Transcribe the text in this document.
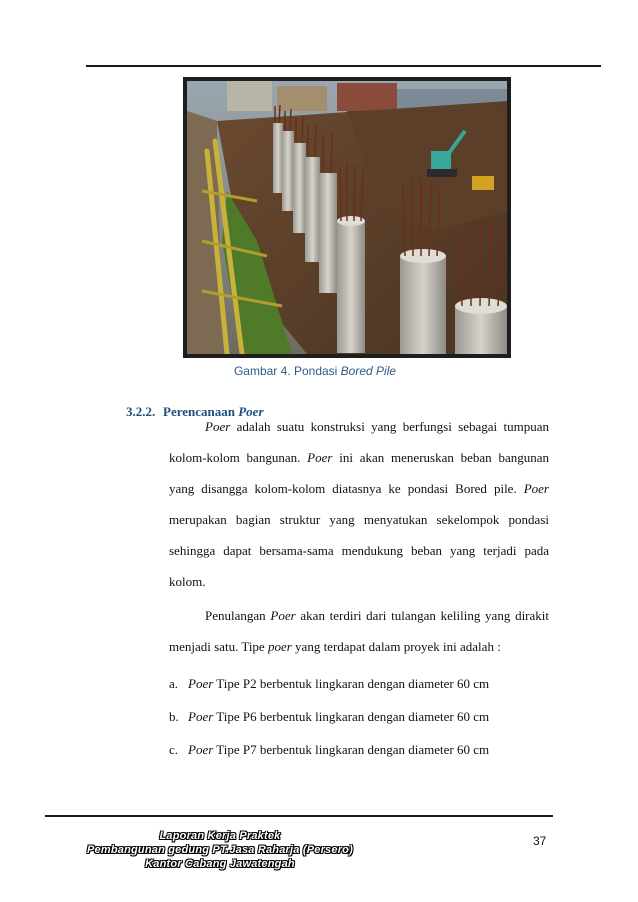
Gambar 4. Pondasi Bored Pile
3.2.2. Perencanaan Poer
Poer adalah suatu konstruksi yang berfungsi sebagai tumpuan kolom-kolom bangunan. Poer ini akan meneruskan beban bangunan yang disangga kolom-kolom diatasnya ke pondasi Bored pile. Poer merupakan bagian struktur yang menyatukan sekelompok pondasi sehingga dapat bersama-sama mendukung beban yang terjadi pada kolom.
Penulangan Poer akan terdiri dari tulangan keliling yang dirakit menjadi satu. Tipe poer yang terdapat dalam proyek ini adalah :
a. Poer Tipe P2 berbentuk lingkaran dengan diameter 60 cm
b. Poer Tipe P6 berbentuk lingkaran dengan diameter 60 cm
c. Poer Tipe P7 berbentuk lingkaran dengan diameter 60 cm
Laporan Kerja Praktek
Pembangunan gedung PT.Jasa Raharja (Persero)
Kantor Cabang Jawatengah
37
